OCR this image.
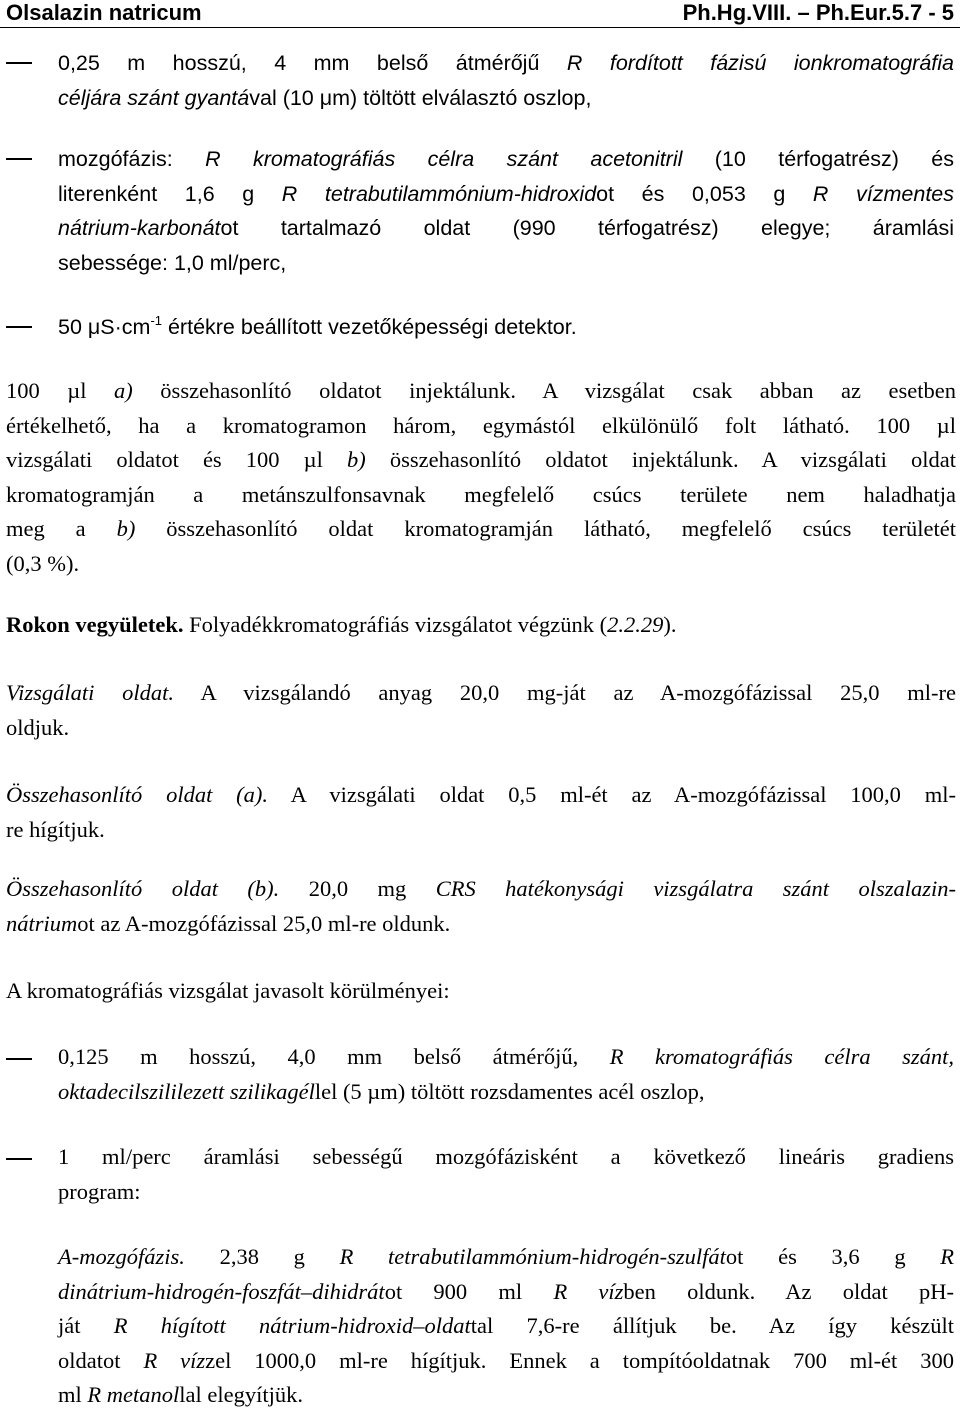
Olsalazin natricum	Ph.Hg.VIII. – Ph.Eur.5.7 - 5
0,25 m hosszú, 4 mm belső átmérőjű R fordított fázisú ionkromatográfia
céljára szánt gyantával (10 μm) töltött elválasztó oszlop,
mozgófázis: R kromatográfiás célra szánt acetonitril (10 térfogatrész) és
literenként 1,6 g R tetrabutilammónium-hidroxidot és 0,053 g R vízmentes
nátrium-karbonátot tartalmazó oldat (990 térfogatrész) elegye; áramlási
sebessége: 1,0 ml/perc,
50 $\mu S\cdot cm^{-1}$ értékre beállított vezetőképességi detektor.
100 µl a) összehasonlító oldatot injektálunk. A vizsgálat csak abban az esetben
értékelhető, ha a kromatogramon három, egymástól elkülönülő folt látható. 100 µl
vizsgálati oldatot és 100 µl b) összehasonlító oldatot injektálunk. A vizsgálati oldat
kromatogramján a metánszulfonsavnak megfelelő csúcs területe nem haladhatja
meg a b) összehasonlító oldat kromatogramján látható, megfelelő csúcs területét
(0,3 %).
Rokon vegyületek. Folyadékkromatográfiás vizsgálatot végzünk (2.2.29).
Vizsgálati oldat. A vizsgálandó anyag 20,0 mg-ját az A-mozgófázissal 25,0 ml-re
oldjuk.
Összehasonlító oldat (a). A vizsgálati oldat 0,5 ml-ét az A-mozgófázissal 100,0 ml-
re hígítjuk.
Összehasonlító oldat (b). 20,0 mg CRS hatékonysági vizsgálatra szánt olszalazin-
nátriumot az A-mozgófázissal 25,0 ml-re oldunk.
A kromatográfiás vizsgálat javasolt körülményei:
0,125 m hosszú, 4,0 mm belső átmérőjű, R kromatográfiás célra szánt,
oktadecilszililezett szilikagéllel (5 µm) töltött rozsdamentes acél oszlop,
1 ml/perc áramlási sebességű mozgófázisként a következő lineáris gradiens
program:
A-mozgófázis. 2,38 g R tetrabutilammónium-hidrogén-szulfátot és 3,6 g R
dinátrium-hidrogén-foszfát–dihidrátot 900 ml R vízben oldunk. Az oldat pH-
ját R hígított nátrium-hidroxid–oldattal 7,6-re állítjuk be. Az így készült
oldatot R vízzel 1000,0 ml-re hígítjuk. Ennek a tompítóoldatnak 700 ml-ét 300
ml R metanollal elegyítjük.
